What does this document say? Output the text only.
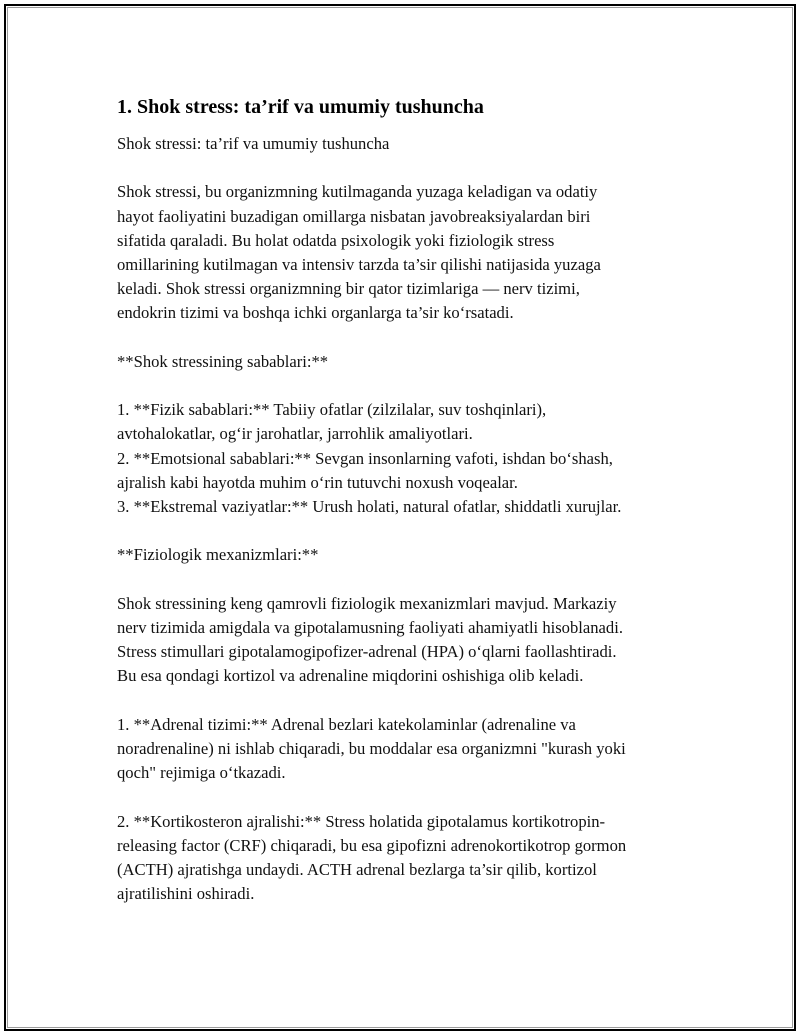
1. Shok stress: ta’rif va umumiy tushuncha

Shok stressi: ta’rif va umumiy tushuncha

Shok stressi, bu organizmning kutilmaganda yuzaga keladigan va odatiy
hayot faoliyatini buzadigan omillarga nisbatan javobreaksiyalardan biri
sifatida qaraladi. Bu holat odatda psixologik yoki fiziologik stress
omillarining kutilmagan va intensiv tarzda ta’sir qilishi natijasida yuzaga
keladi. Shok stressi organizmning bir qator tizimlariga — nerv tizimi,
endokrin tizimi va boshqa ichki organlarga ta’sir ko‘rsatadi.

**Shok stressining sabablari:**

1. **Fizik sabablari:** Tabiiy ofatlar (zilzilalar, suv toshqinlari),
avtohalokatlar, og‘ir jarohatlar, jarrohlik amaliyotlari.
2. **Emotsional sabablari:** Sevgan insonlarning vafoti, ishdan bo‘shash,
ajralish kabi hayotda muhim o‘rin tutuvchi noxush voqealar.
3. **Ekstremal vaziyatlar:** Urush holati, natural ofatlar, shiddatli xurujlar.

**Fiziologik mexanizmlari:**

Shok stressining keng qamrovli fiziologik mexanizmlari mavjud. Markaziy
nerv tizimida amigdala va gipotalamusning faoliyati ahamiyatli hisoblanadi.
Stress stimullari gipotalamogipofizer-adrenal (HPA) o‘qlarni faollashtiradi.
Bu esa qondagi kortizol va adrenaline miqdorini oshishiga olib keladi.

1. **Adrenal tizimi:** Adrenal bezlari katekolaminlar (adrenaline va
noradrenaline) ni ishlab chiqaradi, bu moddalar esa organizmni "kurash yoki
qoch" rejimiga o‘tkazadi.

2. **Kortikosteron ajralishi:** Stress holatida gipotalamus kortikotropin-
releasing factor (CRF) chiqaradi, bu esa gipofizni adrenokortikotrop gormon
(ACTH) ajratishga undaydi. ACTH adrenal bezlarga ta’sir qilib, kortizol
ajratilishini oshiradi.
